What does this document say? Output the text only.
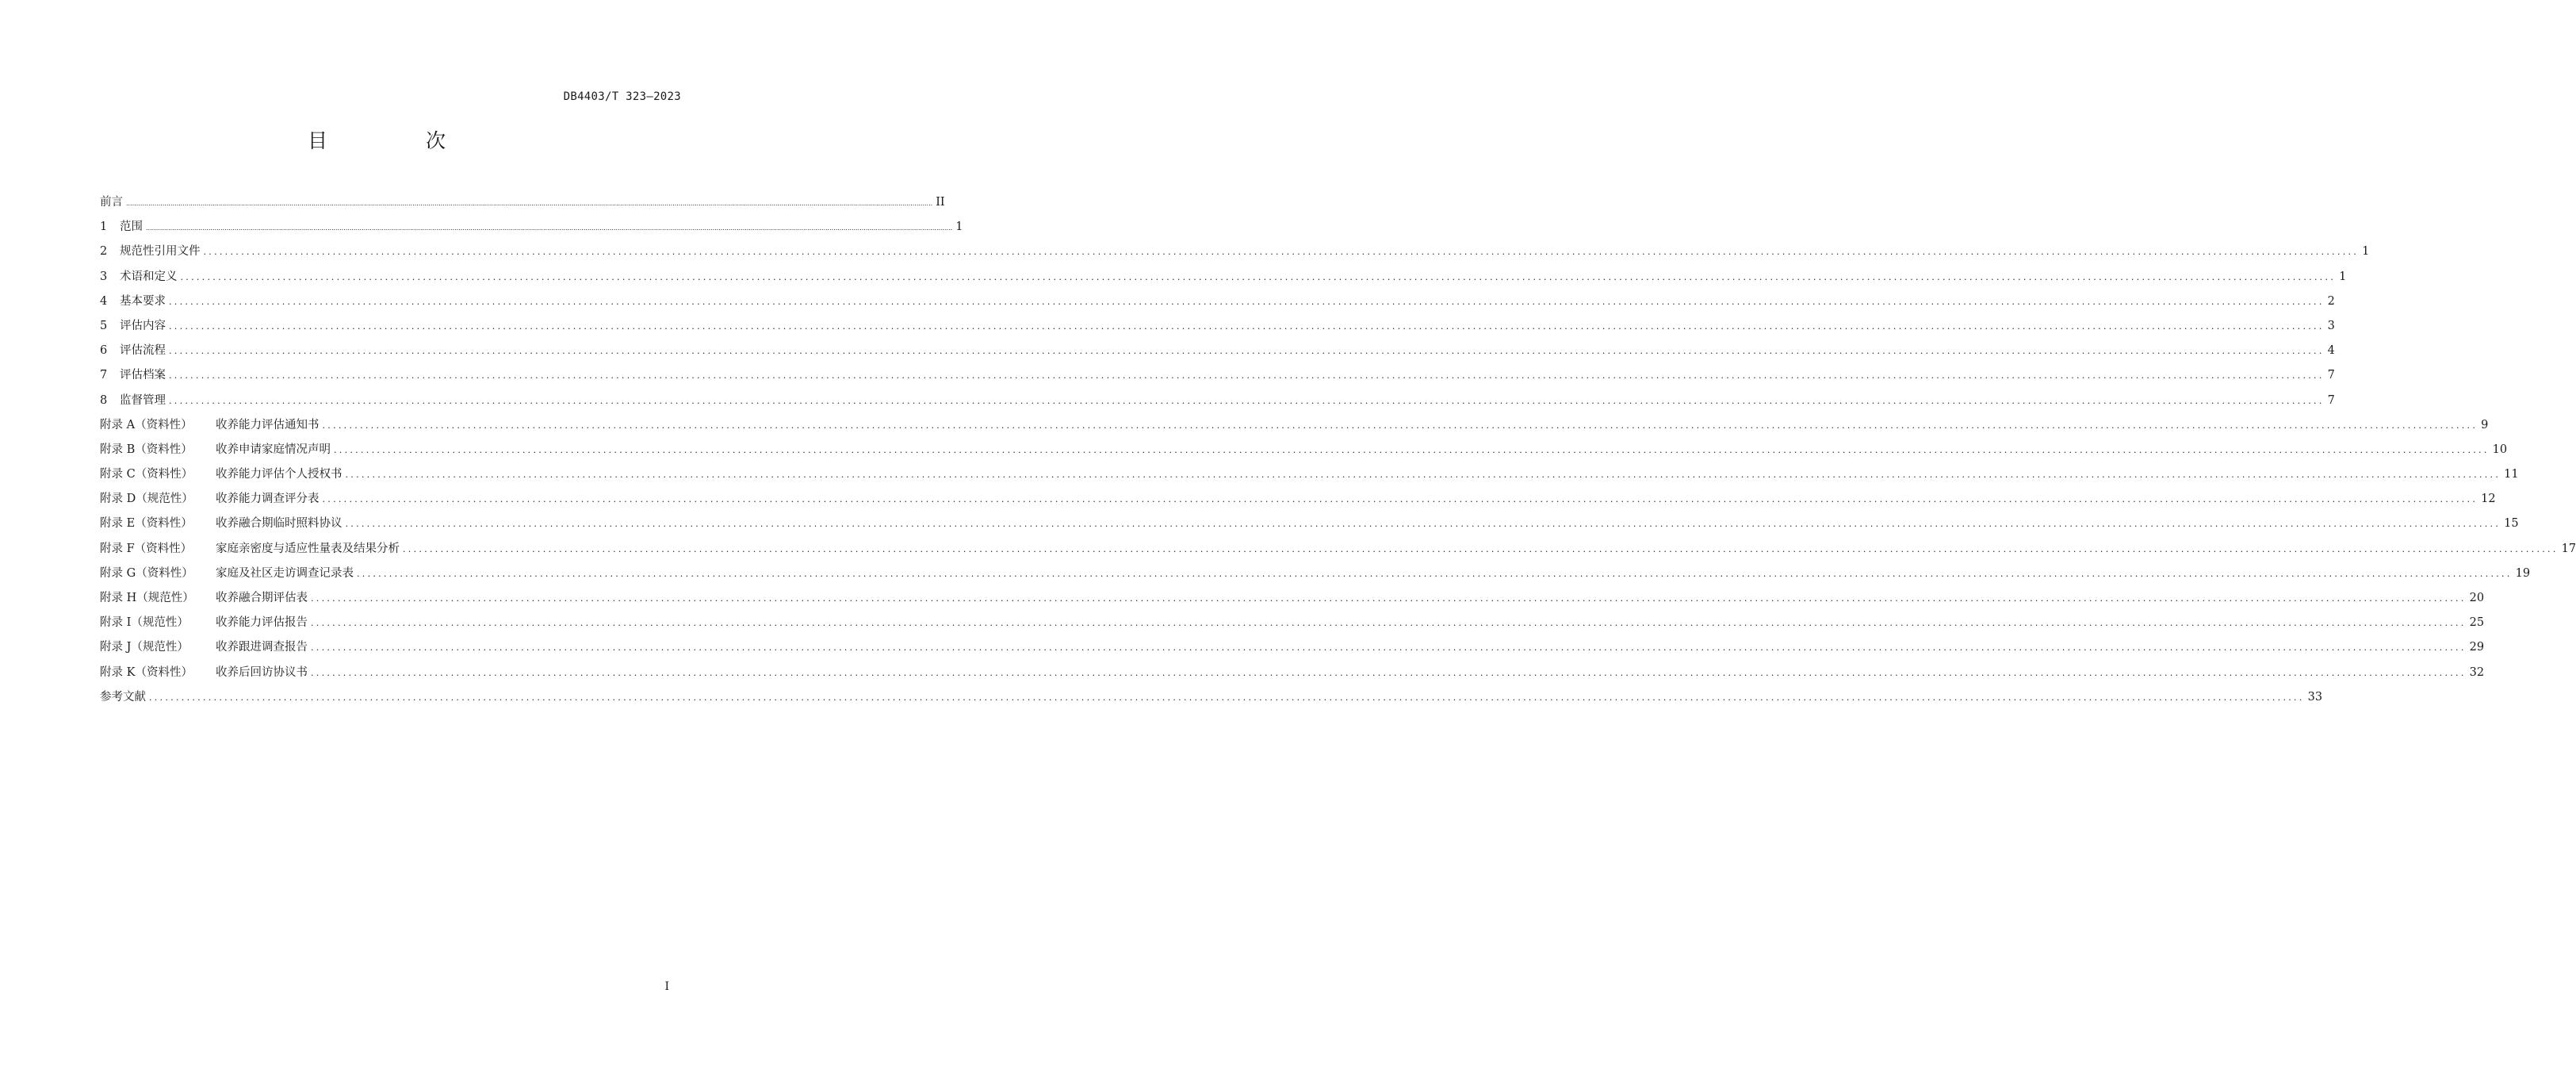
DB4403/T 323—2023
目 次
前言 ................................................................................................................................................................................................................................................................................................................................................................................................................ II
1 范围 ................................................................................................................................................................................................................................................................................................................................................................................................................ 1
2 规范性引用文件 ................................................................................................................................................................................................................................................................................................................................................................................................................ 1
3 术语和定义 ................................................................................................................................................................................................................................................................................................................................................................................................................ 1
4 基本要求 ................................................................................................................................................................................................................................................................................................................................................................................................................ 2
5 评估内容 ................................................................................................................................................................................................................................................................................................................................................................................................................ 3
6 评估流程 ................................................................................................................................................................................................................................................................................................................................................................................................................ 4
7 评估档案 ................................................................................................................................................................................................................................................................................................................................................................................................................ 7
8 监督管理 ................................................................................................................................................................................................................................................................................................................................................................................................................ 7
附录 A（资料性） 收养能力评估通知书 ................................................................................................................................................................................................................................................................................................................................................................................................................ 9
附录 B（资料性） 收养申请家庭情况声明 ................................................................................................................................................................................................................................................................................................................................................................................................................ 10
附录 C（资料性） 收养能力评估个人授权书 ................................................................................................................................................................................................................................................................................................................................................................................................................ 11
附录 D（规范性） 收养能力调查评分表 ................................................................................................................................................................................................................................................................................................................................................................................................................ 12
附录 E（资料性） 收养融合期临时照料协议 ................................................................................................................................................................................................................................................................................................................................................................................................................ 15
附录 F（资料性） 家庭亲密度与适应性量表及结果分析 ................................................................................................................................................................................................................................................................................................................................................................................................................ 17
附录 G（资料性） 家庭及社区走访调查记录表 ................................................................................................................................................................................................................................................................................................................................................................................................................ 19
附录 H（规范性） 收养融合期评估表 ................................................................................................................................................................................................................................................................................................................................................................................................................ 20
附录 I（规范性） 收养能力评估报告 ................................................................................................................................................................................................................................................................................................................................................................................................................ 25
附录 J（规范性） 收养跟进调查报告 ................................................................................................................................................................................................................................................................................................................................................................................................................ 29
附录 K（资料性） 收养后回访协议书 ................................................................................................................................................................................................................................................................................................................................................................................................................ 32
参考文献 ................................................................................................................................................................................................................................................................................................................................................................................................................ 33
I
